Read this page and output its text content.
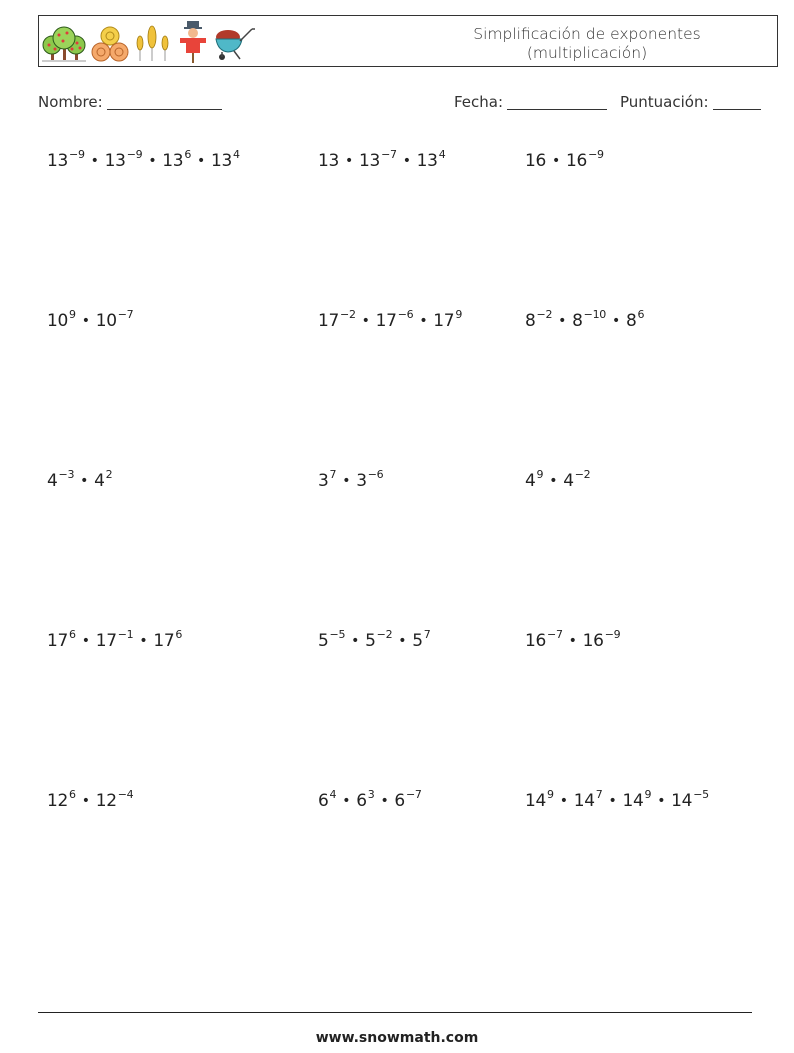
Simplificación de exponentes
(multiplicación)
Nombre:	Fecha:	Puntuación:
$13^{-9}$ • $13^{-9}$ • $13^6$ • $13^4$	13 • $13^{-7}$ • $13^4$	16 • $16^{-9}$
$10^9$ • $10^{-7}$	$17^{-2}$ • $17^{-6}$ • $17^9$	$8^{-2}$ • $8^{-10}$ • $8^6$
$4^{-3}$ • $4^2$	$3^7$ • $3^{-6}$	$4^9$ • $4^{-2}$
$17^6$ • $17^{-1}$ • $17^6$	$5^{-5}$ • $5^{-2}$ • $5^7$	$16^{-7}$ • $16^{-9}$
$12^6$ • $12^{-4}$	$6^4$ • $6^3$ • $6^{-7}$	$14^9$ • $14^7$ • $14^9$ • $14^{-5}$
www.snowmath.com
